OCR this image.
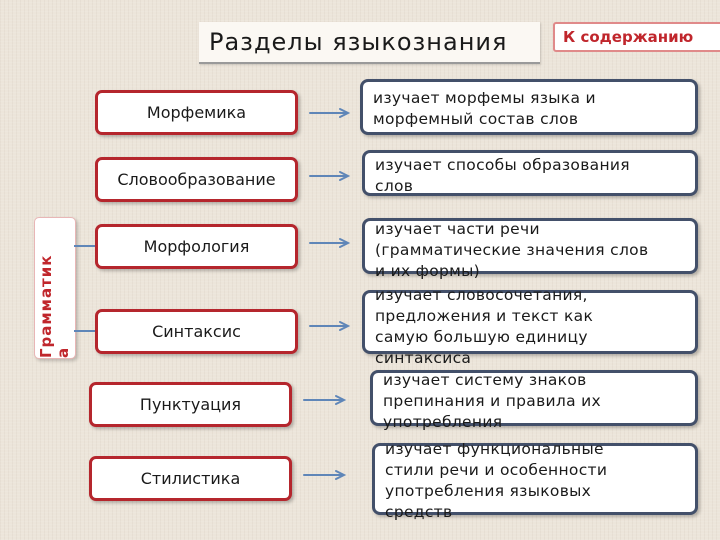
Разделы языкознания	К содержанию
Грамматик
а
Морфемика
Словообразование
Морфология
Синтаксис
Пунктуация
Стилистика
изучает морфемы языка и
морфемный состав слов
изучает способы образования
слов
изучает части речи
(грамматические значения слов
и их формы)
изучает словосочетания,
предложения и текст как
самую большую единицу
синтаксиса
изучает систему знаков
препинания и правила их
употребления
изучает функциональные
стили речи и особенности
употребления языковых
средств
